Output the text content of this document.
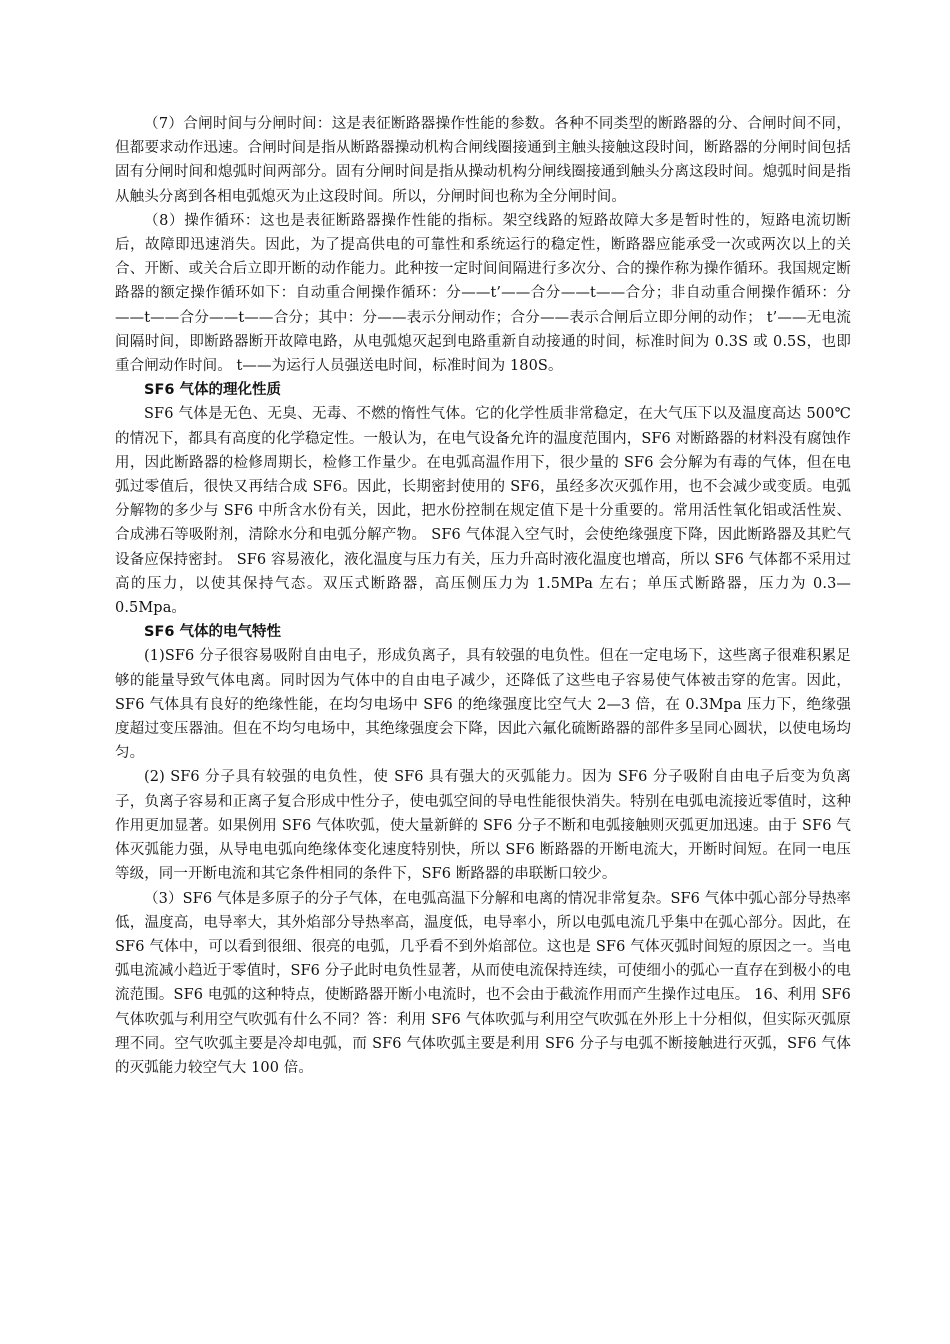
（7）合闸时间与分闸时间：这是表征断路器操作性能的参数。各种不同类型的断路器的分、合闸时间不同，但都要求动作迅速。合闸时间是指从断路器操动机构合闸线圈接通到主触头接触这段时间，断路器的分闸时间包括固有分闸时间和熄弧时间两部分。固有分闸时间是指从操动机构分闸线圈接通到触头分离这段时间。熄弧时间是指从触头分离到各相电弧熄灭为止这段时间。所以，分闸时间也称为全分闸时间。

（8）操作循环：这也是表征断路器操作性能的指标。架空线路的短路故障大多是暂时性的，短路电流切断后，故障即迅速消失。因此，为了提高供电的可靠性和系统运行的稳定性，断路器应能承受一次或两次以上的关合、开断、或关合后立即开断的动作能力。此种按一定时间间隔进行多次分、合的操作称为操作循环。我国规定断路器的额定操作循环如下：自动重合闸操作循环：分——t’——合分——t——合分；非自动重合闸操作循环：分——t——合分——t——合分；其中：分——表示分闸动作；合分——表示合闸后立即分闸的动作； t’——无电流间隔时间，即断路器断开故障电路，从电弧熄灭起到电路重新自动接通的时间，标准时间为 0.3S 或 0.5S，也即重合闸动作时间。 t——为运行人员强送电时间，标准时间为 180S。

SF6 气体的理化性质

SF6 气体是无色、无臭、无毒、不燃的惰性气体。它的化学性质非常稳定，在大气压下以及温度高达 500℃的情况下，都具有高度的化学稳定性。一般认为，在电气设备允许的温度范围内，SF6 对断路器的材料没有腐蚀作用，因此断路器的检修周期长，检修工作量少。在电弧高温作用下，很少量的 SF6 会分解为有毒的气体，但在电弧过零值后，很快又再结合成 SF6。因此，长期密封使用的 SF6，虽经多次灭弧作用，也不会减少或变质。电弧分解物的多少与 SF6 中所含水份有关，因此，把水份控制在规定值下是十分重要的。常用活性氧化铝或活性炭、合成沸石等吸附剂，清除水分和电弧分解产物。 SF6 气体混入空气时，会使绝缘强度下降，因此断路器及其贮气设备应保持密封。 SF6 容易液化，液化温度与压力有关，压力升高时液化温度也增高，所以 SF6 气体都不采用过高的压力，以使其保持气态。双压式断路器，高压侧压力为 1.5MPa 左右；单压式断路器，压力为 0.3—0.5Mpa。

SF6 气体的电气特性

(1)SF6 分子很容易吸附自由电子，形成负离子，具有较强的电负性。但在一定电场下，这些离子很难积累足够的能量导致气体电离。同时因为气体中的自由电子减少，还降低了这些电子容易使气体被击穿的危害。因此，SF6 气体具有良好的绝缘性能，在均匀电场中 SF6 的绝缘强度比空气大 2—3 倍，在 0.3Mpa 压力下，绝缘强度超过变压器油。但在不均匀电场中，其绝缘强度会下降，因此六氟化硫断路器的部件多呈同心圆状，以使电场均匀。

(2) SF6 分子具有较强的电负性，使 SF6 具有强大的灭弧能力。因为 SF6 分子吸附自由电子后变为负离子，负离子容易和正离子复合形成中性分子，使电弧空间的导电性能很快消失。特别在电弧电流接近零值时，这种作用更加显著。如果例用 SF6 气体吹弧，使大量新鲜的 SF6 分子不断和电弧接触则灭弧更加迅速。由于 SF6 气体灭弧能力强，从导电电弧向绝缘体变化速度特别快，所以 SF6 断路器的开断电流大，开断时间短。在同一电压等级，同一开断电流和其它条件相同的条件下，SF6 断路器的串联断口较少。

（3）SF6 气体是多原子的分子气体，在电弧高温下分解和电离的情况非常复杂。SF6 气体中弧心部分导热率低，温度高，电导率大，其外焰部分导热率高，温度低，电导率小，所以电弧电流几乎集中在弧心部分。因此，在 SF6 气体中，可以看到很细、很亮的电弧，几乎看不到外焰部位。这也是 SF6 气体灭弧时间短的原因之一。当电弧电流减小趋近于零值时，SF6 分子此时电负性显著，从而使电流保持连续，可使细小的弧心一直存在到极小的电流范围。SF6 电弧的这种特点，使断路器开断小电流时，也不会由于截流作用而产生操作过电压。 16、利用 SF6 气体吹弧与利用空气吹弧有什么不同？答：利用 SF6 气体吹弧与利用空气吹弧在外形上十分相似，但实际灭弧原理不同。空气吹弧主要是冷却电弧，而 SF6 气体吹弧主要是利用 SF6 分子与电弧不断接触进行灭弧，SF6 气体的灭弧能力较空气大 100 倍。
